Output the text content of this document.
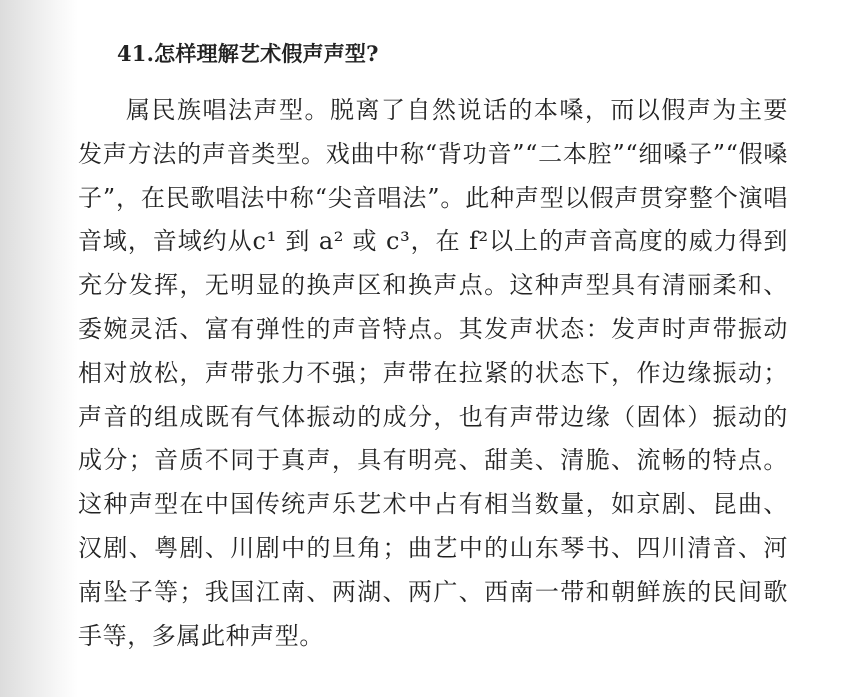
41.怎样理解艺术假声声型?

属民族唱法声型。脱离了自然说话的本嗓，而以假声为主要发声方法的声音类型。戏曲中称“背功音”“二本腔”“细嗓子”“假嗓子”，在民歌唱法中称“尖音唱法”。此种声型以假声贯穿整个演唱音域，音域约从c¹ 到 a² 或 c³，在 f²以上的声音高度的威力得到充分发挥，无明显的换声区和换声点。这种声型具有清丽柔和、委婉灵活、富有弹性的声音特点。其发声状态：发声时声带振动相对放松，声带张力不强；声带在拉紧的状态下，作边缘振动；声音的组成既有气体振动的成分，也有声带边缘（固体）振动的成分；音质不同于真声，具有明亮、甜美、清脆、流畅的特点。这种声型在中国传统声乐艺术中占有相当数量，如京剧、昆曲、汉剧、粤剧、川剧中的旦角；曲艺中的山东琴书、四川清音、河南坠子等；我国江南、两湖、两广、西南一带和朝鲜族的民间歌手等，多属此种声型。
